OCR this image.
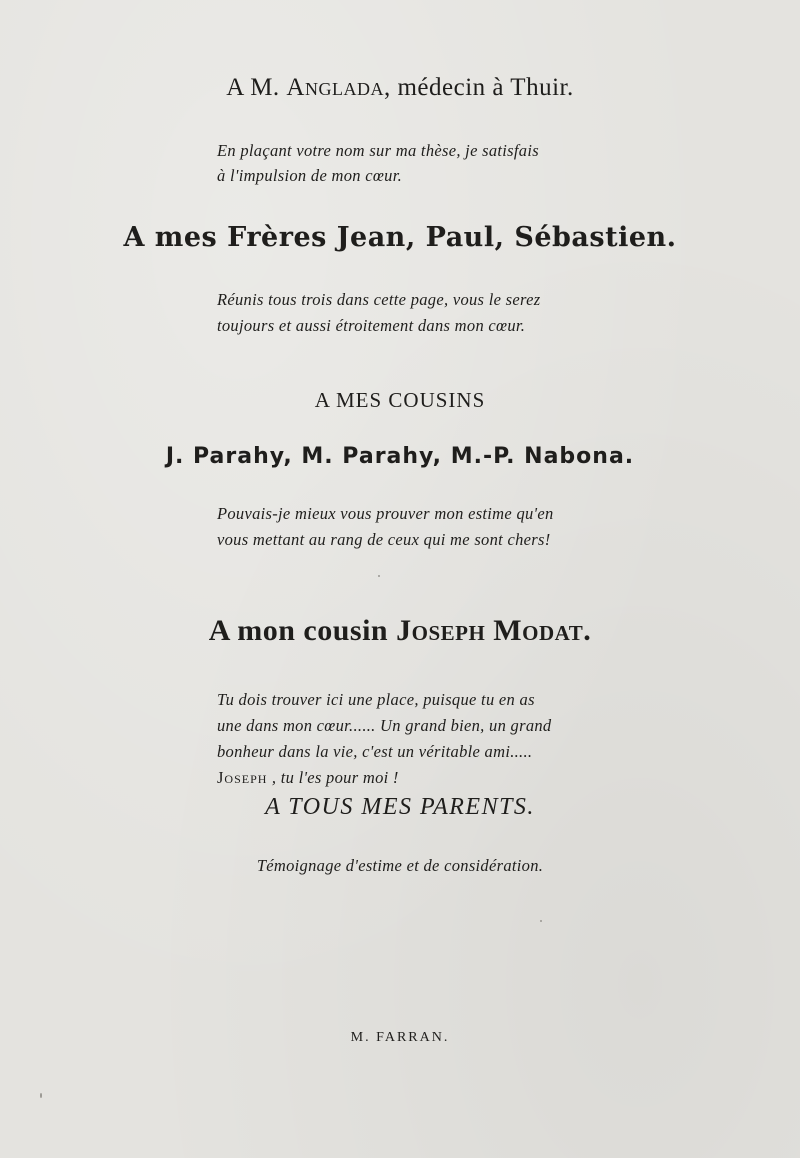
A M. Anglada, médecin à Thuir.
En plaçant votre nom sur ma thèse, je satisfais
à l'impulsion de mon cœur.
A mes Frères Jean, Paul, Sébastien.
Réunis tous trois dans cette page, vous le serez
toujours et aussi étroitement dans mon cœur.
A MES COUSINS
J. Parahy, M. Parahy, M.-P. Nabona.
Pouvais-je mieux vous prouver mon estime qu'en
vous mettant au rang de ceux qui me sont chers!
A mon cousin Joseph Modat.
Tu dois trouver ici une place, puisque tu en as
une dans mon cœur...... Un grand bien, un grand
bonheur dans la vie, c'est un véritable ami.....
Joseph , tu l'es pour moi !
A TOUS MES PARENTS.
Témoignage d'estime et de considération.
M. FARRAN.
